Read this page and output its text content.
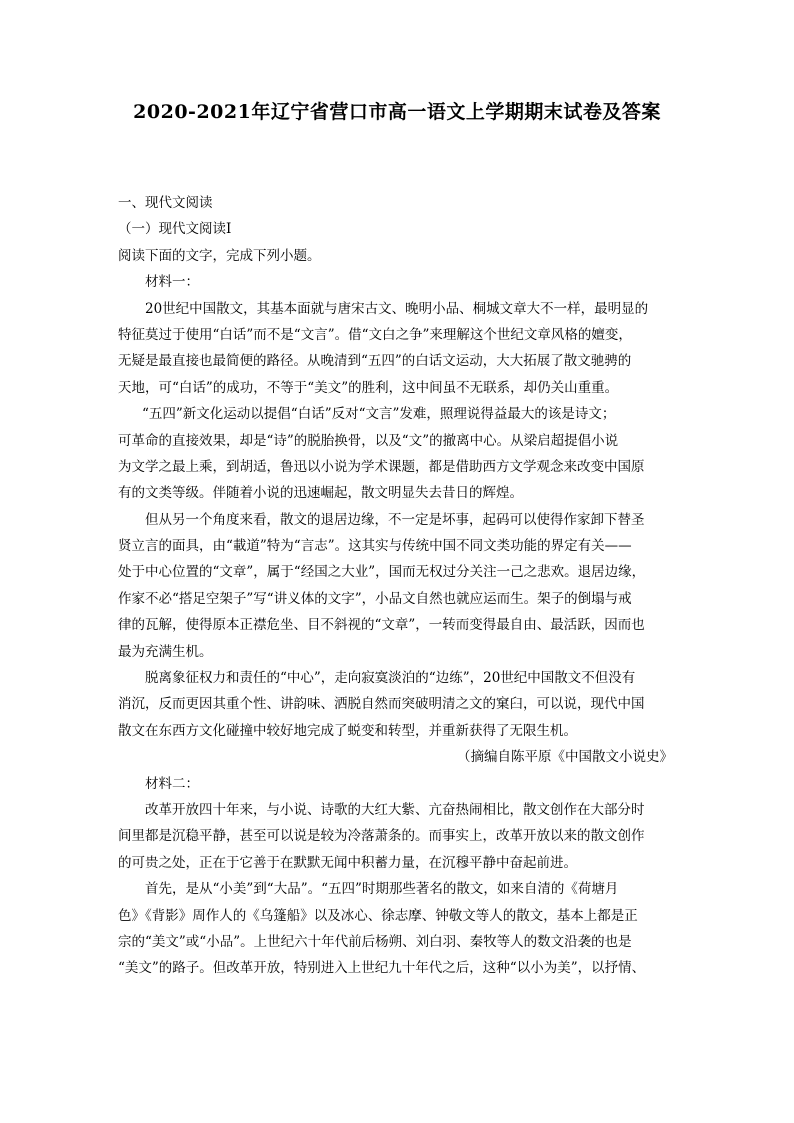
2020-2021年辽宁省营口市高一语文上学期期末试卷及答案
一、现代文阅读
（一）现代文阅读Ⅰ
阅读下面的文字，完成下列小题。
材料一：
20世纪中国散文，其基本面就与唐宋古文、晚明小品、桐城文章大不一样，最明显的
特征莫过于使用“白话”而不是“文言”。借“文白之争”来理解这个世纪文章风格的嬗变，
无疑是最直接也最简便的路径。从晚清到“五四”的白话文运动，大大拓展了散文驰骋的
天地，可“白话”的成功，不等于“美文”的胜利，这中间虽不无联系，却仍关山重重。
“五四”新文化运动以提倡“白话”反对“文言”发难，照理说得益最大的该是诗文；
可革命的直接效果，却是“诗”的脱胎换骨，以及“文”的撤离中心。从梁启超提倡小说
为文学之最上乘，到胡适，鲁迅以小说为学术课题，都是借助西方文学观念来改变中国原
有的文类等级。伴随着小说的迅速崛起，散文明显失去昔日的辉煌。
但从另一个角度来看，散文的退居边缘，不一定是坏事，起码可以使得作家卸下替圣
贤立言的面具，由“載道”特为“言志”。这其实与传统中国不同文类功能的界定有关——
处于中心位置的“文章”，属于“经国之大业”，国而无权过分关注一己之悲欢。退居边缘，
作家不必“搭足空架子”写“讲义体的文字”，小品文自然也就应运而生。架子的倒塌与戒
律的瓦解，使得原本正襟危坐、目不斜视的“文章”，一转而变得最自由、最活跃，因而也
最为充满生机。
脱离象征权力和责任的“中心”，走向寂寞淡泊的“边练”，20世纪中国散文不但没有
消沉，反而更因其重个性、讲韵味、洒脱自然而突破明清之文的窠臼，可以说，现代中国
散文在东西方文化碰撞中较好地完成了蜕变和转型，并重新获得了无限生机。
（摘编自陈平原《中国散文小说史》
材料二：
改革开放四十年来，与小说、诗歌的大红大紫、亢奋热闹相比，散文创作在大部分时
间里都是沉稳平静，甚至可以说是较为冷落萧条的。而事实上，改革开放以来的散文创作
的可贵之处，正在于它善于在默默无闻中积蓄力量，在沉穆平静中奋起前进。
首先，是从“小美”到“大品”。“五四”时期那些著名的散文，如来自清的《荷塘月
色》《背影》周作人的《乌篷船》以及冰心、徐志摩、钟敬文等人的散文，基本上都是正
宗的“美文”或“小品”。上世纪六十年代前后杨朔、刘白羽、秦牧等人的数文沿袭的也是
“美文”的路子。但改革开放，特别进入上世纪九十年代之后，这种“以小为美”，以抒情、
